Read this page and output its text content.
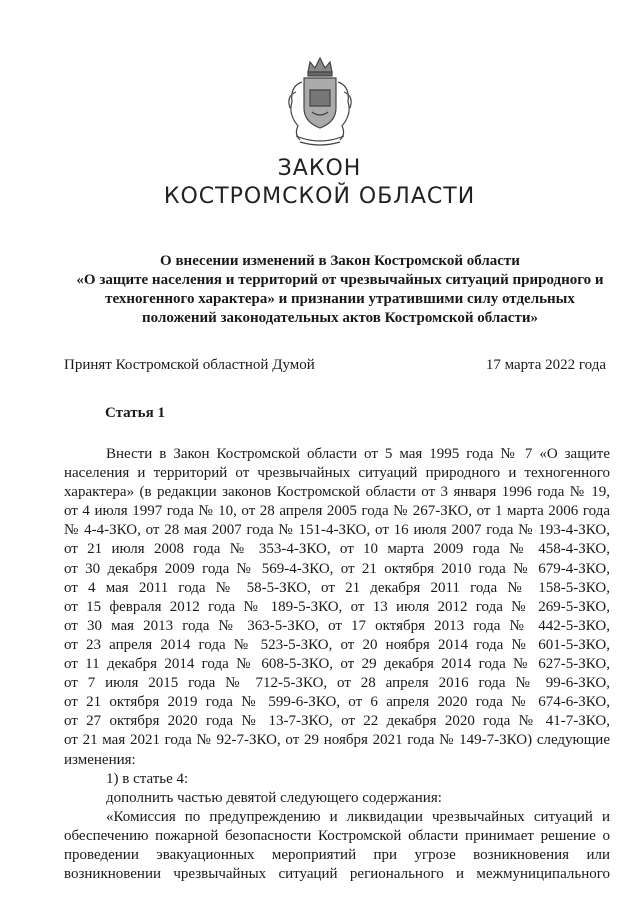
ЗАКОН
КОСТРОМСКОЙ ОБЛАСТИ
О внесении изменений в Закон Костромской области
«О защите населения и территорий от чрезвычайных ситуаций природного и
техногенного характера» и признании утратившими силу отдельных
положений законодательных актов Костромской области»
Принят Костромской областной Думой	17 марта 2022 года
Статья 1
Внести в Закон Костромской области от 5 мая 1995 года № 7 «О защите
населения и территорий от чрезвычайных ситуаций природного и техногенного
характера» (в редакции законов Костромской области от 3 января 1996 года № 19,
от 4 июля 1997 года № 10, от 28 апреля 2005 года № 267-ЗКО, от 1 марта 2006 года
№ 4-4-ЗКО, от 28 мая 2007 года № 151-4-ЗКО, от 16 июля 2007 года № 193-4-ЗКО,
от 21 июля 2008 года № 353-4-ЗКО, от 10 марта 2009 года № 458-4-ЗКО,
от 30 декабря 2009 года № 569-4-ЗКО, от 21 октября 2010 года № 679-4-ЗКО,
от 4 мая 2011 года № 58-5-ЗКО, от 21 декабря 2011 года № 158-5-ЗКО,
от 15 февраля 2012 года № 189-5-ЗКО, от 13 июля 2012 года № 269-5-ЗКО,
от 30 мая 2013 года № 363-5-ЗКО, от 17 октября 2013 года № 442-5-ЗКО,
от 23 апреля 2014 года № 523-5-ЗКО, от 20 ноября 2014 года № 601-5-ЗКО,
от 11 декабря 2014 года № 608-5-ЗКО, от 29 декабря 2014 года № 627-5-ЗКО,
от 7 июля 2015 года № 712-5-ЗКО, от 28 апреля 2016 года № 99-6-ЗКО,
от 21 октября 2019 года № 599-6-ЗКО, от 6 апреля 2020 года № 674-6-ЗКО,
от 27 октября 2020 года № 13-7-ЗКО, от 22 декабря 2020 года № 41-7-ЗКО,
от 21 мая 2021 года № 92-7-ЗКО, от 29 ноября 2021 года № 149-7-ЗКО) следующие
изменения:
1) в статье 4:
дополнить частью девятой следующего содержания:
«Комиссия по предупреждению и ликвидации чрезвычайных ситуаций и
обеспечению пожарной безопасности Костромской области принимает решение о
проведении эвакуационных мероприятий при угрозе возникновения или
возникновении чрезвычайных ситуаций регионального и межмуниципального
